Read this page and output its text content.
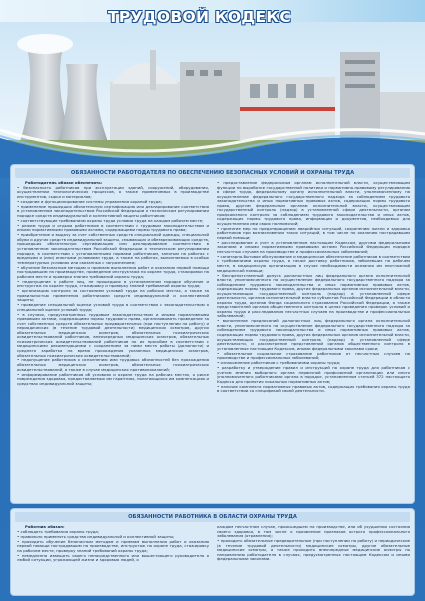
ТРУДОВОЙ КОДЕКС
ОБЯЗАННОСТИ РАБОТОДАТЕЛЯ ПО ОБЕСПЕЧЕНИЮ БЕЗОПАСНЫХ УСЛОВИЙ И ОХРАНЫ ТРУДА

Работодатель обязан обеспечить:

• безопасность работников при эксплуатации зданий, сооружений, оборудования, осуществлении технологических процессов, а также применяемых в производстве инструментов, сырья и материалов;

• создание и функционирование системы управления охраной труда;

• применение прошедших обязательную сертификацию или декларирование соответствия в установленном законодательством Российской Федерации о техническом регулировании порядке средств индивидуальной и коллективной защиты работников;

• соответствующие требованиям охраны труда условия труда на каждом рабочем месте;

• режим труда и отдыха работников в соответствии с трудовым законодательством и иными нормативными правовыми актами, содержащими нормы трудового права;

• приобретение и выдачу за счет собственных средств специальной одежды, специальной обуви и других средств индивидуальной защиты, смывающих и обезвреживающих средств, прошедших обязательную сертификацию или декларирование соответствия в установленном законодательством Российской Федерации о техническом регулировании порядке, в соответствии с установленными нормами работникам, занятым на работах с вредными и (или) опасными условиями труда, а также на работах, выполняемых в особых температурных условиях или связанных с загрязнением;

• обучение безопасным методам и приемам выполнения работ и оказанию первой помощи пострадавшим на производстве, проведение инструктажа по охране труда, стажировки на рабочем месте и проверки знания требований охраны труда;

• недопущение к работе лиц, не прошедших в установленном порядке обучение и инструктаж по охране труда, стажировку и проверку знаний требований охраны труда;

• организацию контроля за состоянием условий труда на рабочих местах, а также за правильностью применения работниками средств индивидуальной и коллективной защиты;

• проведение специальной оценки условий труда в соответствии с законодательством о специальной оценке условий труда;

• в случаях, предусмотренных трудовым законодательством и иными нормативными правовыми актами, содержащими нормы трудового права, организовывать проведение за счет собственных средств обязательных предварительных (при поступлении на работу) и периодических (в течение трудовой деятельности) медицинских осмотров, других обязательных медицинских осмотров, обязательных психиатрических освидетельствований работников, внеочередных медицинских осмотров, обязательных психиатрических освидетельствований работников по их просьбам в соответствии с медицинскими рекомендациями с сохранением за ними места работы (должности) и среднего заработка на время прохождения указанных медицинских осмотров, обязательных психиатрических освидетельствований;

• недопущение работников к исполнению ими трудовых обязанностей без прохождения обязательных медицинских осмотров, обязательных психиатрических освидетельствований, а также в случае медицинских противопоказаний;

• информирование работников об условиях и охране труда на рабочих местах, о риске повреждения здоровья, предоставляемых им гарантиях, полагающихся им компенсациях и средствах индивидуальной защиты;

• предоставление федеральным органам исполнительной власти, осуществляющим функции по выработке государственной политики и нормативно-правовому регулированию в сфере труда, федеральному органу исполнительной власти, уполномоченному на осуществление федерального государственного надзора за соблюдением трудового законодательства и иных нормативных правовых актов, содержащих нормы трудового права, другим федеральным органам исполнительной власти, осуществляющим государственный контроль (надзор) в установленной сфере деятельности, органам профсоюзного контроля за соблюдением трудового законодательства и иных актов, содержащих нормы трудового права, информации и документов, необходимых для осуществления ими своих полномочий;

• принятие мер по предотвращению аварийных ситуаций, сохранению жизни и здоровья работников при возникновении таких ситуаций, в том числе по оказанию пострадавшим первой помощи;

• расследование и учет в установленном настоящим Кодексом, другими федеральными законами и иными нормативными правовыми актами Российской Федерации порядке несчастных случаев на производстве и профессиональных заболеваний;

• санитарно-бытовое обслуживание и медицинское обеспечение работников в соответствии с требованиями охраны труда, а также доставку работников, заболевших на рабочем месте, в медицинскую организацию в случае необходимости оказания им неотложной медицинской помощи;

• беспрепятственный допуск должностных лиц федерального органа исполнительной власти, уполномоченного на осуществление федерального государственного надзора за соблюдением трудового законодательства и иных нормативных правовых актов, содержащих нормы трудового права, других федеральных органов исполнительной власти, осуществляющих государственный контроль (надзор) в установленной сфере деятельности, органов исполнительной власти субъектов Российской Федерации в области охраны труда, органов Фонда социального страхования Российской Федерации, а также представителей органов общественного контроля в целях проведения проверок условий и охраны труда и расследования несчастных случаев на производстве и профессиональных заболеваний;

• выполнение предписаний должностных лиц федерального органа исполнительной власти, уполномоченного на осуществление федерального государственного надзора за соблюдением трудового законодательства и иных нормативных правовых актов, содержащих нормы трудового права, других федеральных органов исполнительной власти, осуществляющих государственный контроль (надзор) в установленной сфере деятельности, и рассмотрение представлений органов общественного контроля в установленные настоящим Кодексом, иными федеральными законами сроки;

• обязательное социальное страхование работников от несчастных случаев на производстве и профессиональных заболеваний;

• ознакомление работников с требованиями охраны труда;

• разработку и утверждение правил и инструкций по охране труда для работников с учетом мнения выборного органа первичной профсоюзной организации или иного уполномоченного работниками органа в порядке, установленном статьей 372 настоящего Кодекса для принятия локальных нормативных актов;

• наличие комплекта нормативных правовых актов, содержащих требования охраны труда в соответствии со спецификой своей деятельности.

ОБЯЗАННОСТИ РАБОТНИКА В ОБЛАСТИ ОХРАНЫ ТРУДА

Работник обязан:

• соблюдать требования охраны труда;

• правильно применять средства индивидуальной и коллективной защиты;

• проходить обучение безопасным методам и приемам выполнения работ и оказанию первой помощи пострадавшим на производстве, инструктаж по охране труда, стажировку на рабочем месте, проверку знаний требований охраны труда;

• немедленно извещать своего непосредственного или вышестоящего руководителя о любой ситуации, угрожающей жизни и здоровью людей, о

каждом несчастном случае, происшедшем на производстве, или об ухудшении состояния своего здоровья, в том числе о проявлении признаков острого профессионального заболевания (отравления);

• проходить обязательные предварительные (при поступлении на работу) и периодические (в течение трудовой деятельности) медицинские осмотры, другие обязательные медицинские осмотры, а также проходить внеочередные медицинские осмотры по направлению работодателя в случаях, предусмотренных настоящим Кодексом и иными федеральными законами.
